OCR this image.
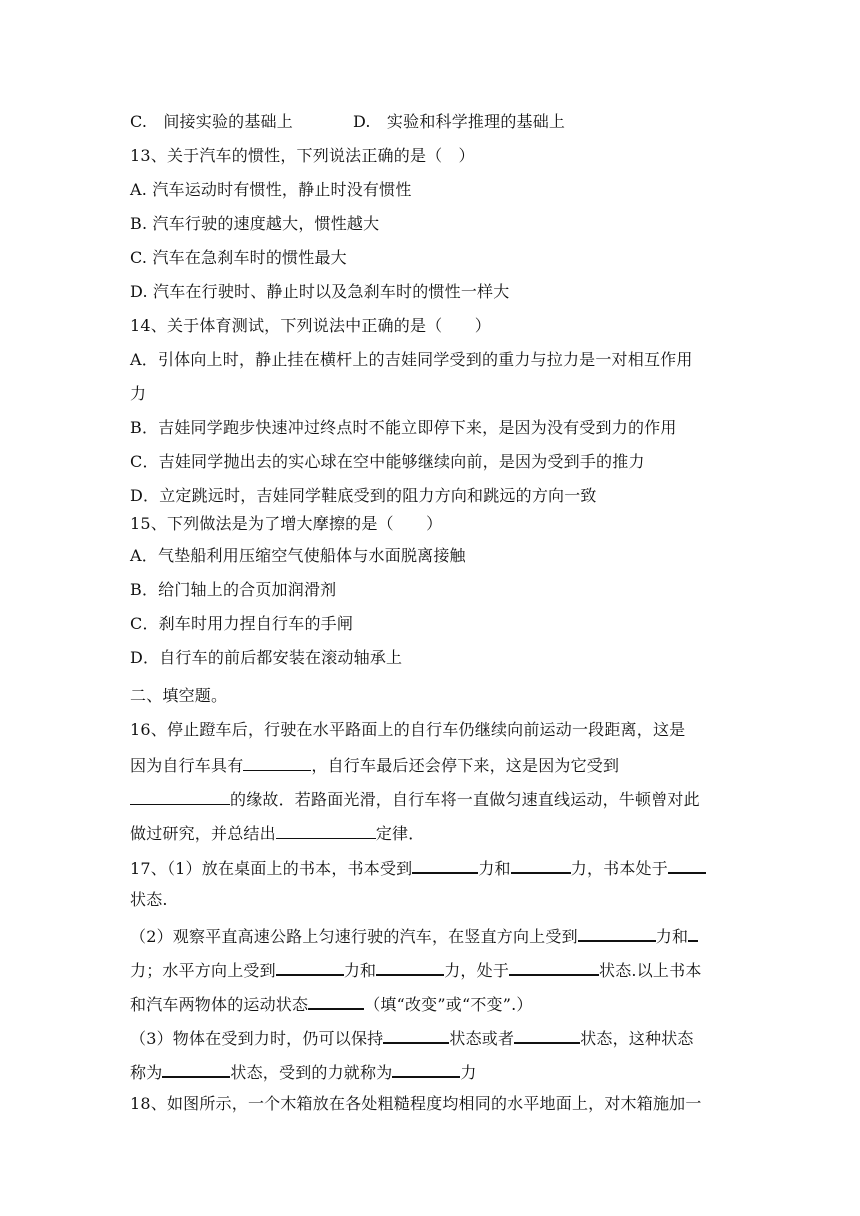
C.　间接实验的基础上	D.　实验和科学推理的基础上
13、关于汽车的惯性，下列说法正确的是（　）
A. 汽车运动时有惯性，静止时没有惯性
B. 汽车行驶的速度越大，惯性越大
C. 汽车在急刹车时的惯性最大
D. 汽车在行驶时、静止时以及急刹车时的惯性一样大
14、关于体育测试，下列说法中正确的是（　　）
A．引体向上时，静止挂在横杆上的吉娃同学受到的重力与拉力是一对相互作用
力
B．吉娃同学跑步快速冲过终点时不能立即停下来，是因为没有受到力的作用
C．吉娃同学抛出去的实心球在空中能够继续向前，是因为受到手的推力
D．立定跳远时，吉娃同学鞋底受到的阻力方向和跳远的方向一致
15、下列做法是为了增大摩擦的是（　　）
A．气垫船利用压缩空气使船体与水面脱离接触
B．给门轴上的合页加润滑剂
C．刹车时用力捏自行车的手闸
D．自行车的前后都安装在滚动轴承上
二、填空题。
16、停止蹬车后，行驶在水平路面上的自行车仍继续向前运动一段距离，这是
因为自行车具有	，自行车最后还会停下来，这是因为它受到
的缘故．若路面光滑，自行车将一直做匀速直线运动，牛顿曾对此
做过研究，并总结出	定律．
17、（1）放在桌面上的书本，书本受到	力和	力，书本处于
状态.
（2）观察平直高速公路上匀速行驶的汽车，在竖直方向上受到	力和
力；水平方向上受到	力和	力，处于	状态.以上书本
和汽车两物体的运动状态	（填“改变”或“不变”.）
（3）物体在受到力时，仍可以保持	状态或者	状态，这种状态
称为	状态，受到的力就称为	力
18、如图所示，一个木箱放在各处粗糙程度均相同的水平地面上，对木箱施加一
